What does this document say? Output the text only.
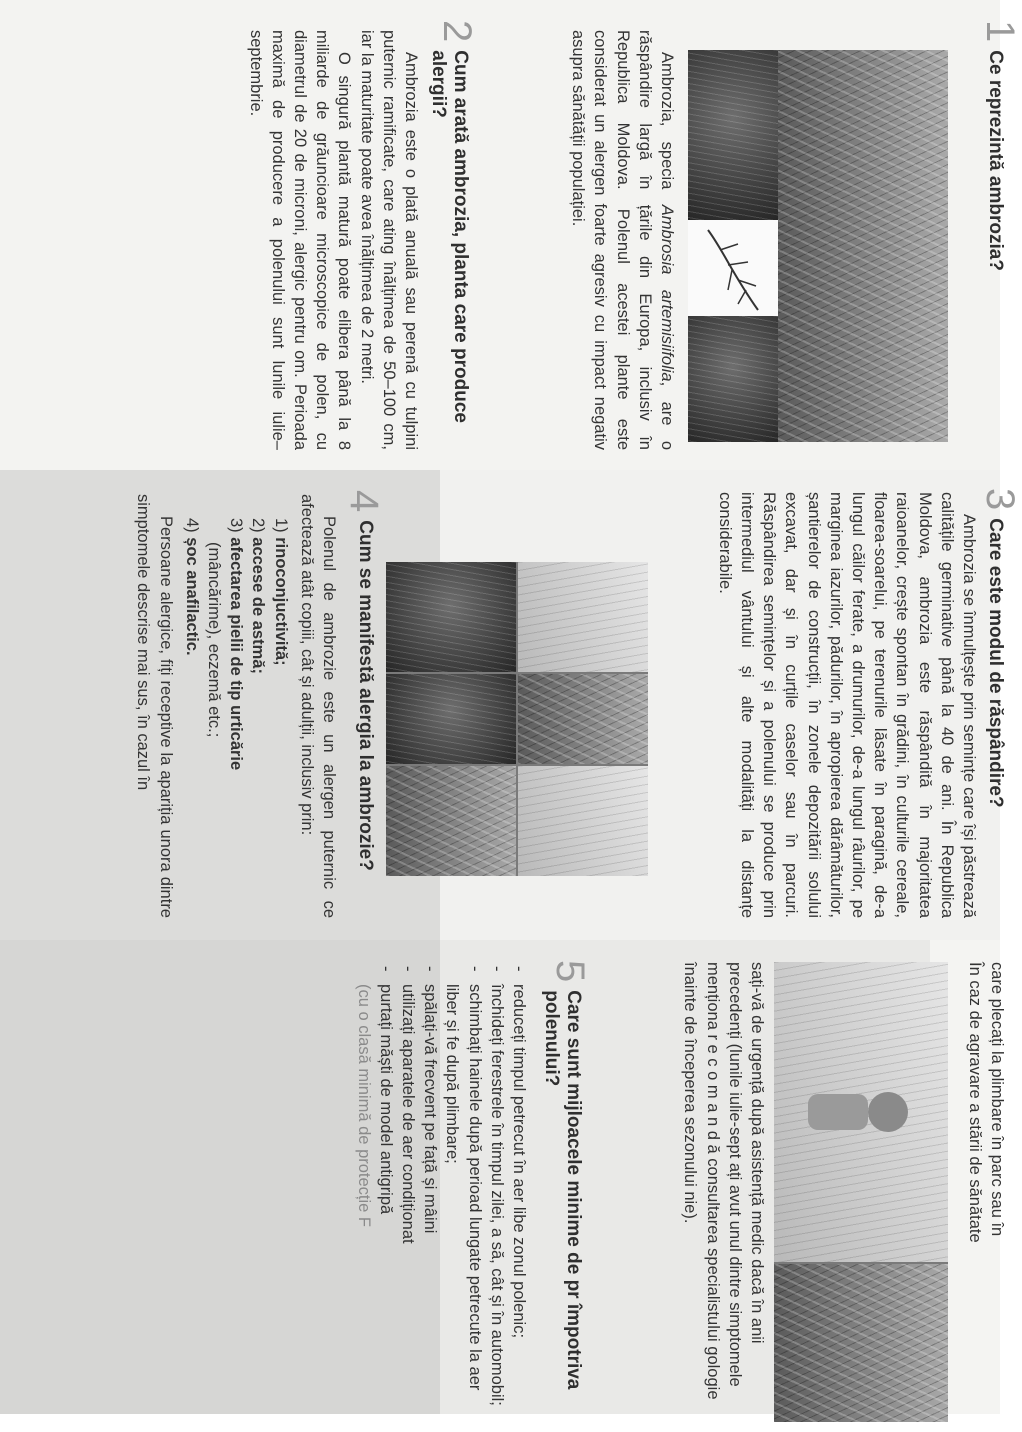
1
Ce reprezintă ambrozia?

Ambrozia, specia Ambrosia artemisiifolia, are o răspândire largă în țările din Europa, inclusiv în Republica Moldova. Polenul acestei plante este considerat un alergen foarte agresiv cu impact negativ asupra sănătății populației.

2
Cum arată ambrozia, planta care produce alergii?

Ambrozia este o plată anuală sau perenă cu tulpini puternic ramificate, care ating înălțimea de 50–100 cm, iar la maturitate poate avea înălțimea de 2 metri.

O singură plantă matură poate elibera până la 8 miliarde de grăuncioare microscopice de polen, cu diametrul de 20 de microni, alergic pentru om. Perioada maximă de producere a polenului sunt lunile iulie–septembrie.

3
Care este modul de răspândire?

Ambrozia se înmulțește prin semințe care își păstrează calitățile germinative până la 40 de ani. În Republica Moldova, ambrozia este răspândită în majoritatea raioanelor, crește spontan în grădini, în culturile cereale, floarea-soarelui, pe terenurile lăsate în paragină, de-a lungul căilor ferate, a drumurilor, de-a lungul râurilor, pe marginea iazurilor, pădurilor, în apropierea dărâmăturilor, șantierelor de construcții, în zonele depozitării solului excavat, dar și în curțile caselor sau în parcuri. Răspândirea semințelor și a polenului se produce prin intermediul vântului și alte modalități la distanțe considerabile.

4
Cum se manifestă alergia la ambrozie?

Polenul de ambrozie este un alergen puternic ce afectează atât copiii, cât și adulții, inclusiv prin:

1) rinoconjuctivită;
2) accese de astmă;
3) afectarea pielii de tip urticărie
(mâncărime), eczemă etc.;
4) șoc anafilactic.

Persoane alergice, fiți receptive la apariția unora dintre simptomele descrise mai sus, în cazul în

care plecați la plimbare în parc sau în

În caz de agravare a stării de sănătate

sați-vă de urgență după asistență medic dacă în anii precedenți (lunile iulie-sept ați avut unul dintre simptomele menționa r e c o m a n d ă consultarea specialistului gologie înainte de începerea sezonului nie).

5
Care sunt mijloacele minime de pr împotriva polenului?
- reduceți timpul petrecut în aer libe zonul polenic;
- închideți ferestrele în timpul zilei, a să, cât și în automobil;
- schimbați hainele după perioad lungate petrecute la aer liber și fe după plimbare;
- spălați-vă frecvent pe față și mâini
- utilizați aparatele de aer condiționat
- purtați măști de model antigripă

(cu o clasă minimă de protecție F
